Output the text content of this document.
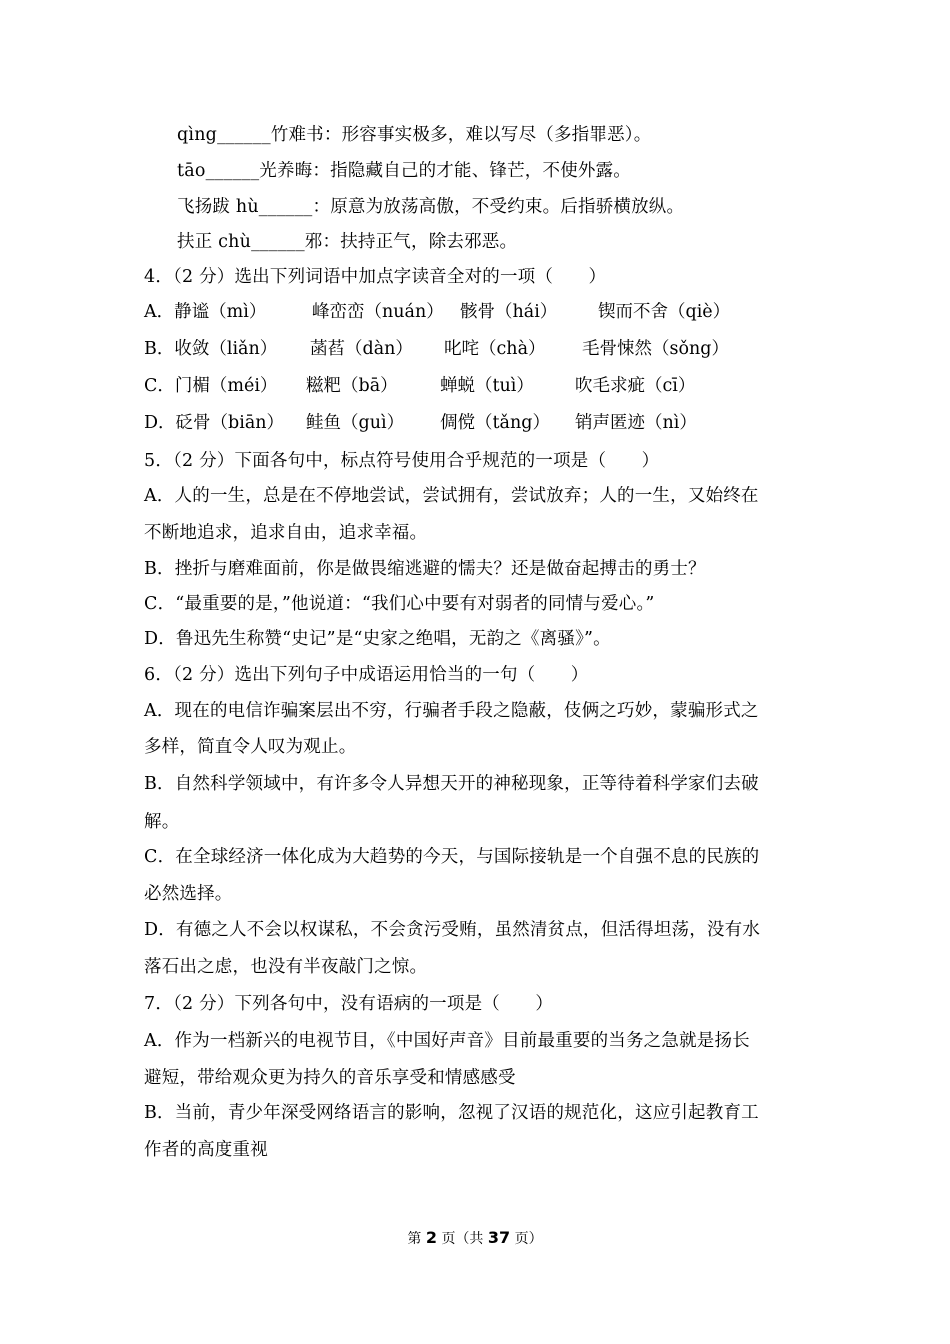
qìng______竹难书：形容事实极多，难以写尽（多指罪恶）。
tāo______光养晦：指隐藏自己的才能、锋芒，不使外露。
飞扬跋 hù______：原意为放荡高傲，不受约束。后指骄横放纵。
扶正 chù______邪：扶持正气，除去邪恶。
4．（2 分）选出下列词语中加点字读音全对的一项（　　）
A．静谧（mì）	峰峦峦（nuán） 骸骨（hái） 锲而不舍（qiè）
B．收敛（liǎn） 菡萏（dàn） 叱咤（chà） 毛骨悚然（sǒng）
C．门楣（méi） 糍粑（bā） 蝉蜕（tuì） 吹毛求疵（cī）
D．砭骨（biān） 鲑鱼（guì） 倜傥（tǎng） 销声匿迹（nì）
5．（2 分）下面各句中，标点符号使用合乎规范的一项是（　　）
A．人的一生，总是在不停地尝试，尝试拥有，尝试放弃；人的一生，又始终在
不断地追求，追求自由，追求幸福。
B．挫折与磨难面前，你是做畏缩逃避的懦夫？还是做奋起搏击的勇士？
C．“最重要的是，”他说道：“我们心中要有对弱者的同情与爱心。”
D．鲁迅先生称赞“史记”是“史家之绝唱，无韵之《离骚》”。
6．（2 分）选出下列句子中成语运用恰当的一句（　　）
A．现在的电信诈骗案层出不穷，行骗者手段之隐蔽，伎俩之巧妙，蒙骗形式之
多样，简直令人叹为观止。
B．自然科学领域中，有许多令人异想天开的神秘现象，正等待着科学家们去破
解。
C．在全球经济一体化成为大趋势的今天，与国际接轨是一个自强不息的民族的
必然选择。
D．有德之人不会以权谋私，不会贪污受贿，虽然清贫点，但活得坦荡，没有水
落石出之虑，也没有半夜敲门之惊。
7．（2 分）下列各句中，没有语病的一项是（　　）
A．作为一档新兴的电视节目，《中国好声音》目前最重要的当务之急就是扬长
避短，带给观众更为持久的音乐享受和情感感受
B．当前，青少年深受网络语言的影响，忽视了汉语的规范化，这应引起教育工
作者的高度重视
第 2 页（共 37 页）
